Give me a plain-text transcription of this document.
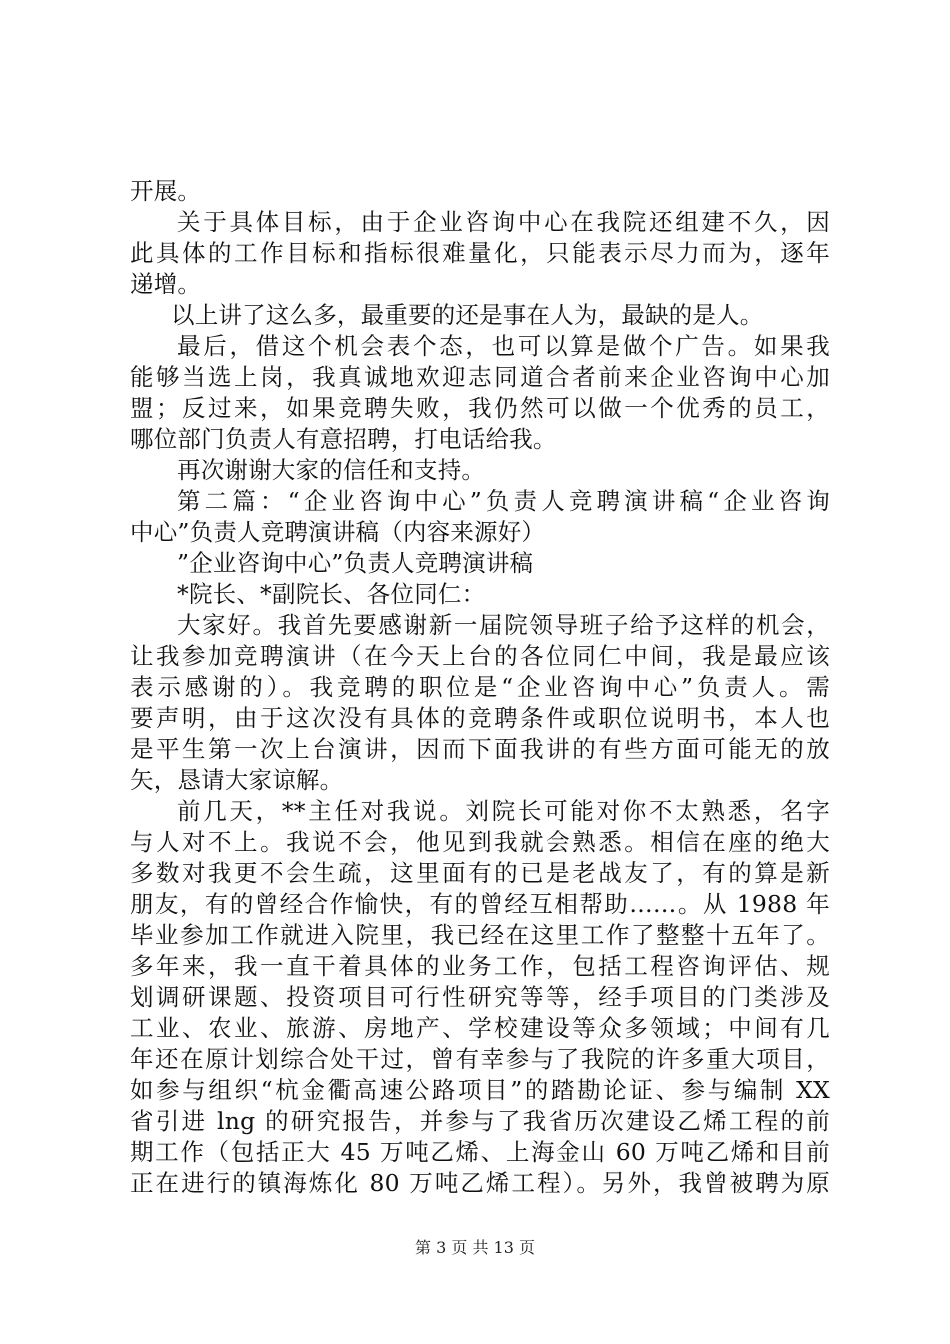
开展。
关于具体目标，由于企业咨询中心在我院还组建不久，因
此具体的工作目标和指标很难量化，只能表示尽力而为，逐年
递增。
以上讲了这么多，最重要的还是事在人为，最缺的是人。
最后，借这个机会表个态，也可以算是做个广告。如果我
能够当选上岗，我真诚地欢迎志同道合者前来企业咨询中心加
盟；反过来，如果竞聘失败，我仍然可以做一个优秀的员工，
哪位部门负责人有意招聘，打电话给我。
再次谢谢大家的信任和支持。
第二篇：“企业咨询中心”负责人竞聘演讲稿“企业咨询
中心”负责人竞聘演讲稿（内容来源好）
”企业咨询中心”负责人竞聘演讲稿
*院长、*副院长、各位同仁：
大家好。我首先要感谢新一届院领导班子给予这样的机会，
让我参加竞聘演讲（在今天上台的各位同仁中间，我是最应该
表示感谢的）。我竞聘的职位是“企业咨询中心”负责人。需
要声明，由于这次没有具体的竞聘条件或职位说明书，本人也
是平生第一次上台演讲，因而下面我讲的有些方面可能无的放
矢，恳请大家谅解。
前几天，**主任对我说。刘院长可能对你不太熟悉，名字
与人对不上。我说不会，他见到我就会熟悉。相信在座的绝大
多数对我更不会生疏，这里面有的已是老战友了，有的算是新
朋友，有的曾经合作愉快，有的曾经互相帮助……。从 1988 年
毕业参加工作就进入院里，我已经在这里工作了整整十五年了。
多年来，我一直干着具体的业务工作，包括工程咨询评估、规
划调研课题、投资项目可行性研究等等，经手项目的门类涉及
工业、农业、旅游、房地产、学校建设等众多领域；中间有几
年还在原计划综合处干过，曾有幸参与了我院的许多重大项目，
如参与组织“杭金衢高速公路项目”的踏勘论证、参与编制 XX
省引进 lng 的研究报告，并参与了我省历次建设乙烯工程的前
期工作（包括正大 45 万吨乙烯、上海金山 60 万吨乙烯和目前
正在进行的镇海炼化 80 万吨乙烯工程）。另外，我曾被聘为原
第 3 页 共 13 页
